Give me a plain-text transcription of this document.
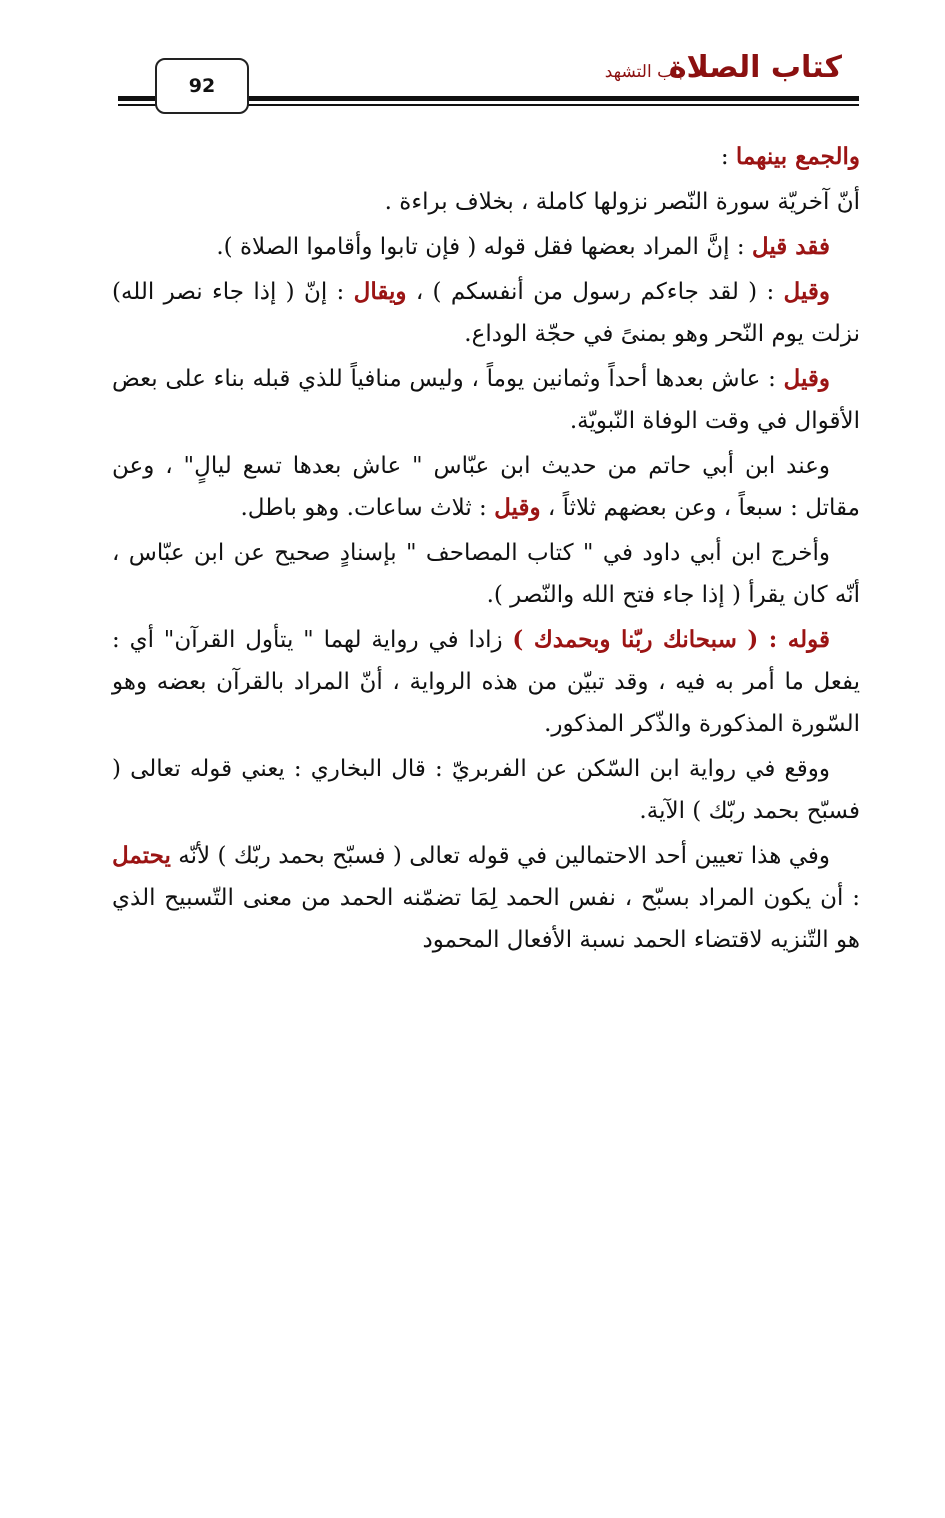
كتاب الصلاة
باب التشهد
92

والجمع بينهما :

أنّ آخريّة سورة النّصر نزولها كاملة ، بخلاف براءة .

فقد قيل : إنَّ المراد بعضها فقل قوله ( فإن تابوا وأقاموا الصلاة ).

وقيل : ( لقد جاءكم رسول من أنفسكم ) ، ويقال : إنّ ( إذا جاء نصر الله) نزلت يوم النّحر وهو بمنىً في حجّة الوداع.

وقيل : عاش بعدها أحداً وثمانين يوماً ، وليس منافياً للذي قبله بناء على بعض الأقوال في وقت الوفاة النّبويّة.

وعند ابن أبي حاتم من حديث ابن عبّاس " عاش بعدها تسع ليالٍ" ، وعن مقاتل : سبعاً ، وعن بعضهم ثلاثاً ، وقيل : ثلاث ساعات. وهو باطل.

وأخرج ابن أبي داود في " كتاب المصاحف " بإسنادٍ صحيح عن ابن عبّاس ، أنّه كان يقرأ ( إذا جاء فتح الله والنّصر ).

قوله : ( سبحانك ربّنا وبحمدك ) زادا في رواية لهما " يتأول القرآن" أي : يفعل ما أمر به فيه ، وقد تبيّن من هذه الرواية ، أنّ المراد بالقرآن بعضه وهو السّورة المذكورة والذّكر المذكور.

ووقع في رواية ابن السّكن عن الفربريّ : قال البخاري : يعني قوله تعالى ( فسبّح بحمد ربّك ) الآية.

وفي هذا تعيين أحد الاحتمالين في قوله تعالى ( فسبّح بحمد ربّك ) لأنّه يحتمل : أن يكون المراد بسبّح ، نفس الحمد لِمَا تضمّنه الحمد من معنى التّسبيح الذي هو التّنزيه لاقتضاء الحمد نسبة الأفعال المحمود
